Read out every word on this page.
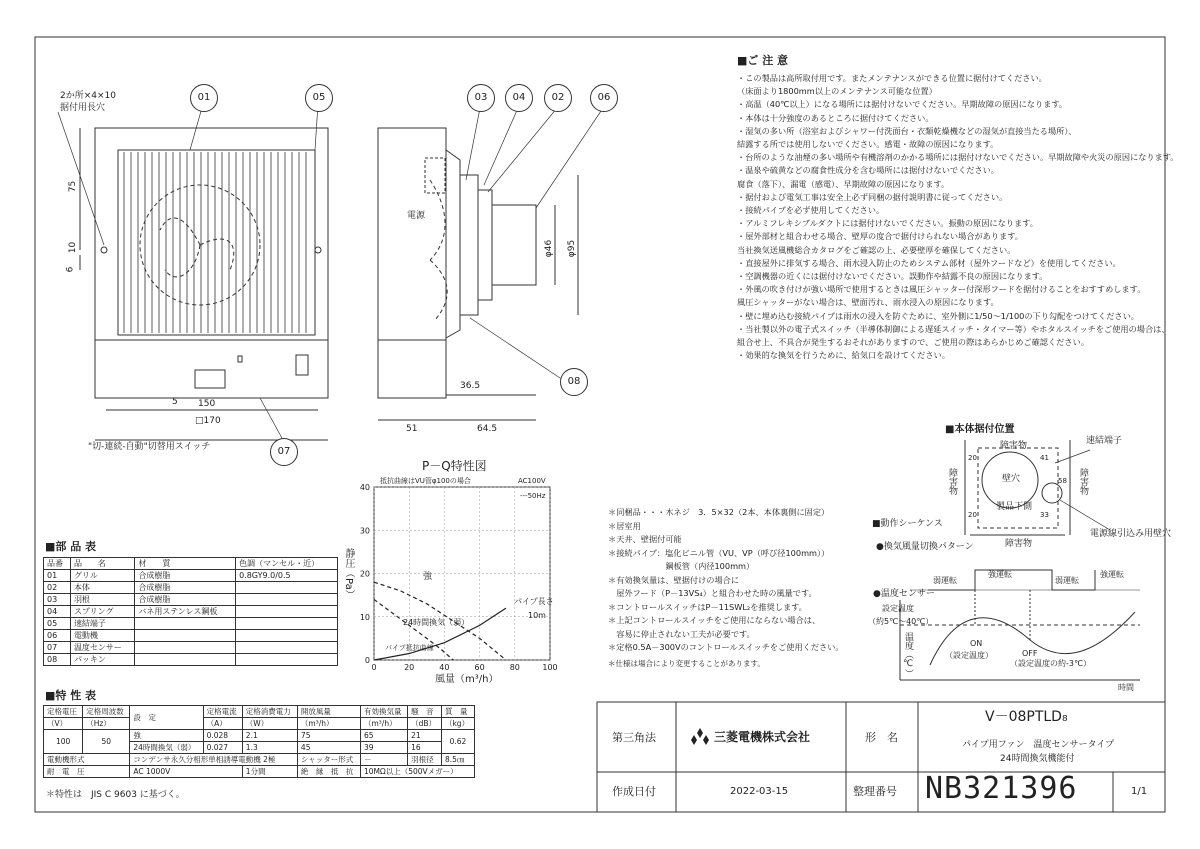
0
10
20
30
40
0	20	40	60	80	100
■ご 注 意
・この製品は高所取付用です。またメンテナンスができる位置に据付けてください。
（床面より1800mm以上のメンテナンス可能な位置）
・高温（40℃以上）になる場所には据付けないでください。早期故障の原因になります。
・本体は十分強度のあるところに据付けてください。
・湿気の多い所（浴室およびシャワー付洗面台・衣類乾燥機などの湿気が直接当たる場所）、
結露する所では使用しないでください。感電・故障の原因になります。
・台所のような油煙の多い場所や有機溶剤のかかる場所には据付けないでください。早期故障や火災の原因になります。
・温泉や硫黄などの腐食性成分を含む場所には据付けないでください。
腐食（落下）、漏電（感電）、早期故障の原因になります。
・据付および電気工事は安全上必ず同梱の据付説明書に従ってください。
・接続パイプを必ず使用してください。
・アルミフレキシブルダクトには据付けないでください。振動の原因になります。
・屋外部材と組合わせる場合、壁厚の度合で据付けられない場合があります。
当社換気送風機総合カタログをご確認の上、必要壁厚を確保してください。
・直接屋外に排気する場合、雨水浸入防止のためシステム部材（屋外フードなど）を使用してください。
・空調機器の近くには据付けないでください。誤動作や結露不良の原因になります。
・外風の吹き付けが強い場所で使用するときは風圧シャッター付深形フードを据付けることをおすすめします。
風圧シャッターがない場合は、壁面汚れ、雨水浸入の原因になります。
・壁に埋め込む接続パイプは雨水の浸入を防ぐために、室外側に1/50～1/100の下り勾配をつけてください。
・当社製以外の電子式スイッチ（半導体制御による遅延スイッチ・タイマー等）やホタルスイッチをご使用の場合は、
組合せ上、不具合が発生するおそれがありますので、ご使用の際はあらかじめご確認ください。
・効果的な換気を行うために、給気口を設けてください。
2か所×4×10
据付用長穴
01	05
07
75
10
6
5 150
□170
"切-連続-自動"切替用スイッチ
03	04	02	06
08
電源
φ46 φ95
36.5
51	64.5	■本体据付位置
障害物	速結端子
壁穴
製品下側
障害物
障害物	障害物
電源線引込み用壁穴
20
20
41
58
33
P－Q特性図
抵抗曲線はVU管φ100の場合	AC100V
---50Hz
静圧（Pa）
風量（m³/h）
強
24時間換気（弱）
パイプ長さ
10m
パイプ抵抗曲線
＊同梱品・・・木ネジ　3．5×32（2本、本体裏側に固定）
＊居室用
＊天井、壁据付可能
＊接続パイプ：塩化ビニル管（VU、VP（呼び径100mm））
　　　　　　　鋼板管（内径100mm）
＊有効換気量は、壁据付けの場合に
　屋外フード（P－13VS₄）と組合わせた時の風量です。
＊コントロールスイッチはP－11SWL₂を推奨します。
＊上記コントロールスイッチをご使用にならない場合は、
　容易に停止されない工夫が必要です。
＊定格0.5A－300Vのコントロールスイッチをご使用ください。
＊仕様は場合により変更することがあります。
■動作シーケンス
●換気風量切換パターン
弱運転
強運転
弱運転
強運転
●温度センサー
設定温度
（約5℃～40℃）
温度（℃）	ON
（設定温度）	OFF
（設定温度の約-3℃）
時間
■部 品 表
品番	品　　名	材　　質	色調（マンセル・近）
01	グリル	合成樹脂	0.8GY9.0/0.5
02	本体	合成樹脂	
03	羽根	合成樹脂	
04	スプリング	バネ用ステンレス鋼板	
05	速結端子		
06	電動機		
07	温度センサー		
08	パッキン		
■特 性 表
定格電圧	定格周波数	設　定	定格電流	定格消費電力	開放風量	有効換気量	騒　音	質　量
（V）	（Hz）		（A）	（W）	（m³/h）	（m³/h）	（dB）	（kg）
100	50	強	0.028	2.1	75	65	21	0.62
		24時間換気（弱）	0.027	1.3	45	39	16	
電動機形式		コンデンサ永久分相形単相誘導電動機 2極			シャッター形式	－	羽根径	8.5㎝
耐　電　圧		AC 1000V		1分間	絶　縁　抵　抗	10MΩ以上（500Vメガー）		
＊特性は　JIS C 9603 に基づく。
第三角法	三菱電機株式会社	形　名
V－08PTLD₈
パイプ用ファン　温度センサータイプ
24時間換気機能付
作成日付	2022-03-15	整理番号 NB321396	1/1
